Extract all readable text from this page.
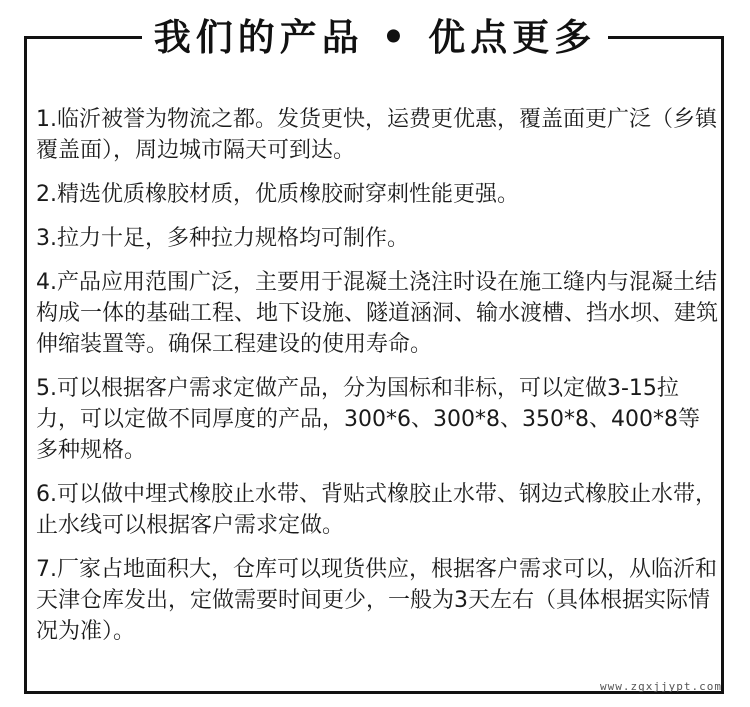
我们的产品 • 优点更多

1.临沂被誉为物流之都。发货更快，运费更优惠，覆盖面更广泛（乡镇覆盖面），周边城市隔天可到达。

2.精选优质橡胶材质，优质橡胶耐穿刺性能更强。

3.拉力十足，多种拉力规格均可制作。

4.产品应用范围广泛，主要用于混凝土浇注时设在施工缝内与混凝土结构成一体的基础工程、地下设施、隧道涵洞、输水渡槽、挡水坝、建筑伸缩装置等。确保工程建设的使用寿命。

5.可以根据客户需求定做产品，分为国标和非标，可以定做3-15拉力，可以定做不同厚度的产品，300*6、300*8、350*8、400*8等多种规格。

6.可以做中埋式橡胶止水带、背贴式橡胶止水带、钢边式橡胶止水带，止水线可以根据客户需求定做。

7.厂家占地面积大，仓库可以现货供应，根据客户需求可以，从临沂和天津仓库发出，定做需要时间更少，一般为3天左右（具体根据实际情况为准）。

www.zgxjjypt.com
